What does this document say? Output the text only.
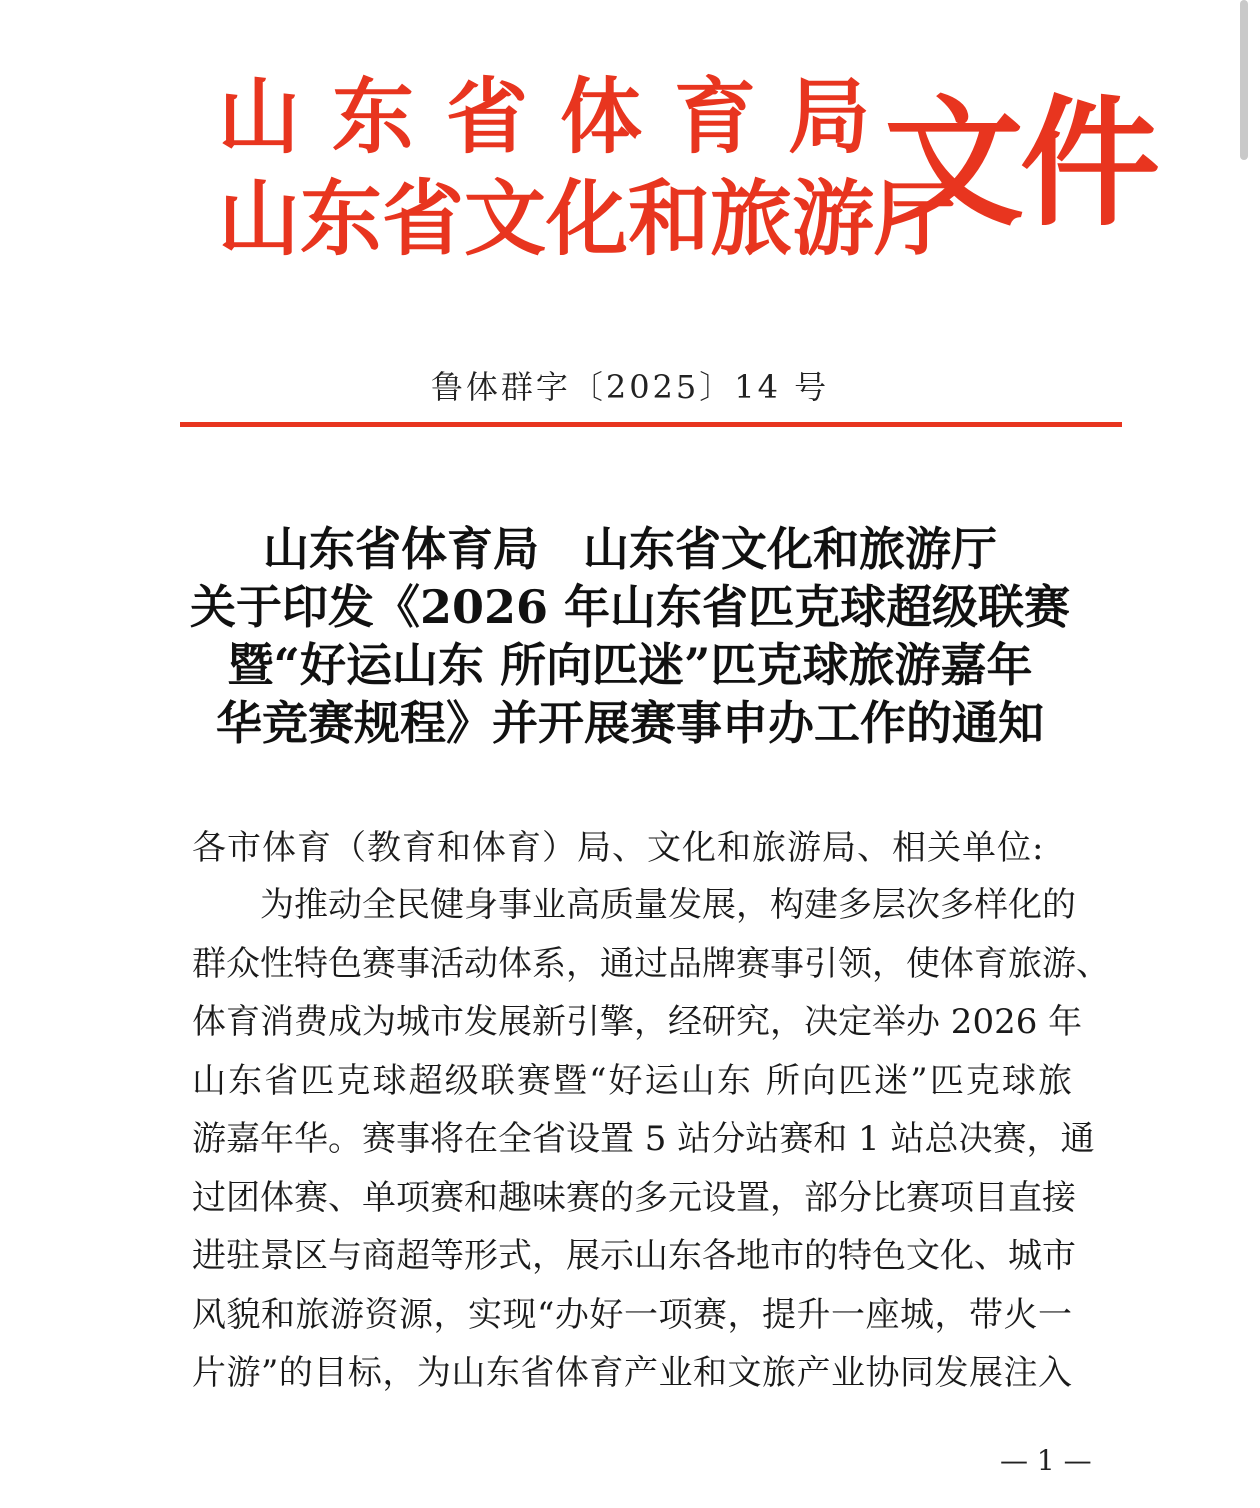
山东省体育局
山东省文化和旅游厅
文件
鲁体群字〔2025〕14 号
山东省体育局 山东省文化和旅游厅
关于印发《2026 年山东省匹克球超级联赛
暨“好运山东 所向匹迷”匹克球旅游嘉年
华竞赛规程》并开展赛事申办工作的通知
各市体育（教育和体育）局、文化和旅游局、相关单位:
为推动全民健身事业高质量发展，构建多层次多样化的
群众性特色赛事活动体系，通过品牌赛事引领，使体育旅游、
体育消费成为城市发展新引擎，经研究，决定举办 2026 年
山东省匹克球超级联赛暨“好运山东 所向匹迷”匹克球旅
游嘉年华。赛事将在全省设置 5 站分站赛和 1 站总决赛，通
过团体赛、单项赛和趣味赛的多元设置，部分比赛项目直接
进驻景区与商超等形式，展示山东各地市的特色文化、城市
风貌和旅游资源，实现“办好一项赛，提升一座城，带火一
片游”的目标，为山东省体育产业和文旅产业协同发展注入
— 1 —
